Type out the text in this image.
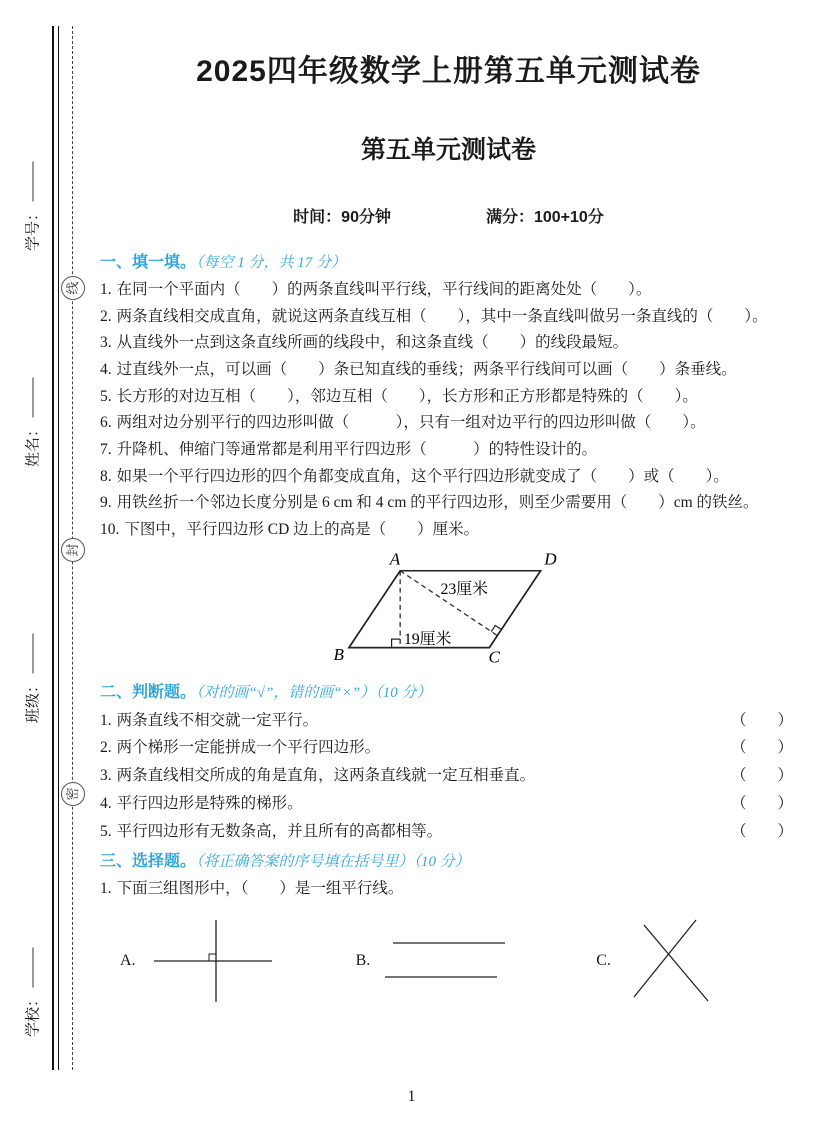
学号：
姓名：
班级：
学校：
线
封
密
2025四年级数学上册第五单元测试卷
第五单元测试卷
时间：90分钟	满分：100+10分
一、填一填。（每空 1 分，共 17 分）
1. 在同一个平面内（　　）的两条直线叫平行线，平行线间的距离处处（　　）。
2. 两条直线相交成直角，就说这两条直线互相（　　），其中一条直线叫做另一条直线的（　　）。
3. 从直线外一点到这条直线所画的线段中，和这条直线（　　）的线段最短。
4. 过直线外一点，可以画（　　）条已知直线的垂线；两条平行线间可以画（　　）条垂线。
5. 长方形的对边互相（　　），邻边互相（　　），长方形和正方形都是特殊的（　　）。
6. 两组对边分别平行的四边形叫做（　　　），只有一组对边平行的四边形叫做（　　）。
7. 升降机、伸缩门等通常都是利用平行四边形（　　　）的特性设计的。
8. 如果一个平行四边形的四个角都变成直角，这个平行四边形就变成了（　　）或（　　）。
9. 用铁丝折一个邻边长度分别是 6 cm 和 4 cm 的平行四边形，则至少需要用（　　）cm 的铁丝。
10. 下图中，平行四边形 CD 边上的高是（　　）厘米。
A	D
B	C
23厘米
19厘米
二、判断题。（对的画“√”，错的画“×”）（10 分）
1. 两条直线不相交就一定平行。	（　　）
2. 两个梯形一定能拼成一个平行四边形。	（　　）
3. 两条直线相交所成的角是直角，这两条直线就一定互相垂直。	（　　）
4. 平行四边形是特殊的梯形。	（　　）
5. 平行四边形有无数条高，并且所有的高都相等。	（　　）
三、选择题。（将正确答案的序号填在括号里）（10 分）
1. 下面三组图形中，（　　）是一组平行线。
A.	B.	C.
1
